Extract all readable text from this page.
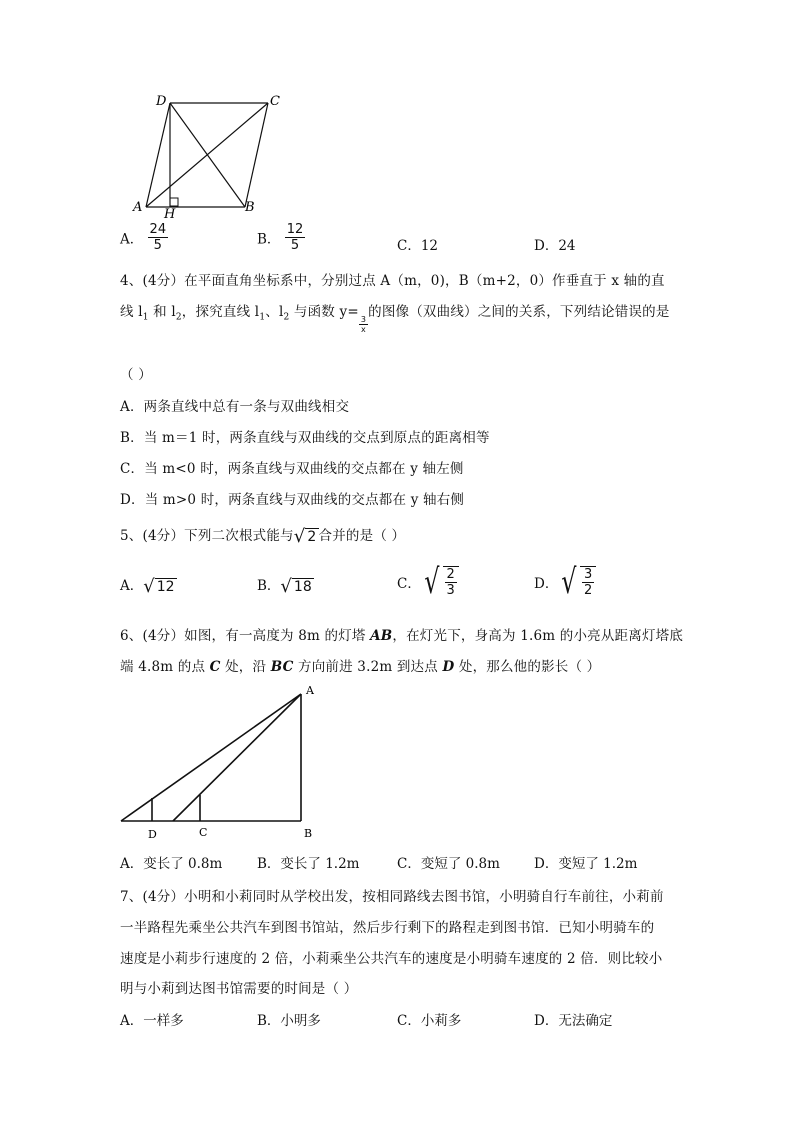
D	C
A	B
H
A． $\frac{24}{5}$	B． $\frac{12}{5}$	C．12	D．24
4、(4分）在平面直角坐标系中，分别过点 A（m，0)，B（m+2，0）作垂直于 x 轴的直
线 $l_1$ 和 $l_2$，探究直线 $l_1$、$l_2$ 与函数 y=
$\frac{3}{x}$
的图像（双曲线）之间的关系，下列结论错误的是
（ ）
A．两条直线中总有一条与双曲线相交
B．当 m＝1 时，两条直线与双曲线的交点到原点的距离相等
C．当 m<0 时，两条直线与双曲线的交点都在 y 轴左侧
D．当 m>0 时，两条直线与双曲线的交点都在 y 轴右侧
5、(4分）下列二次根式能与 √ 2 合并的是（ ）
A． √ 12	B． √ 18	C． √ $\frac{2}{3}$	D． √ $\frac{3}{2}$
6、(4分）如图，有一高度为 8m 的灯塔 AB，在灯光下，身高为 1.6m 的小亮从距离灯塔底
端 4.8m 的点 C 处，沿 BC 方向前进 3.2m 到达点 D 处，那么他的影长（ ）
A
B
C
D
A．变长了 0.8m	B．变长了 1.2m	C．变短了 0.8m	D．变短了 1.2m
7、(4分）小明和小莉同时从学校出发，按相同路线去图书馆，小明骑自行车前往，小莉前
一半路程先乘坐公共汽车到图书馆站，然后步行剩下的路程走到图书馆．已知小明骑车的
速度是小莉步行速度的 2 倍，小莉乘坐公共汽车的速度是小明骑车速度的 2 倍．则比较小
明与小莉到达图书馆需要的时间是（ ）
A．一样多	B．小明多	C．小莉多	D．无法确定
